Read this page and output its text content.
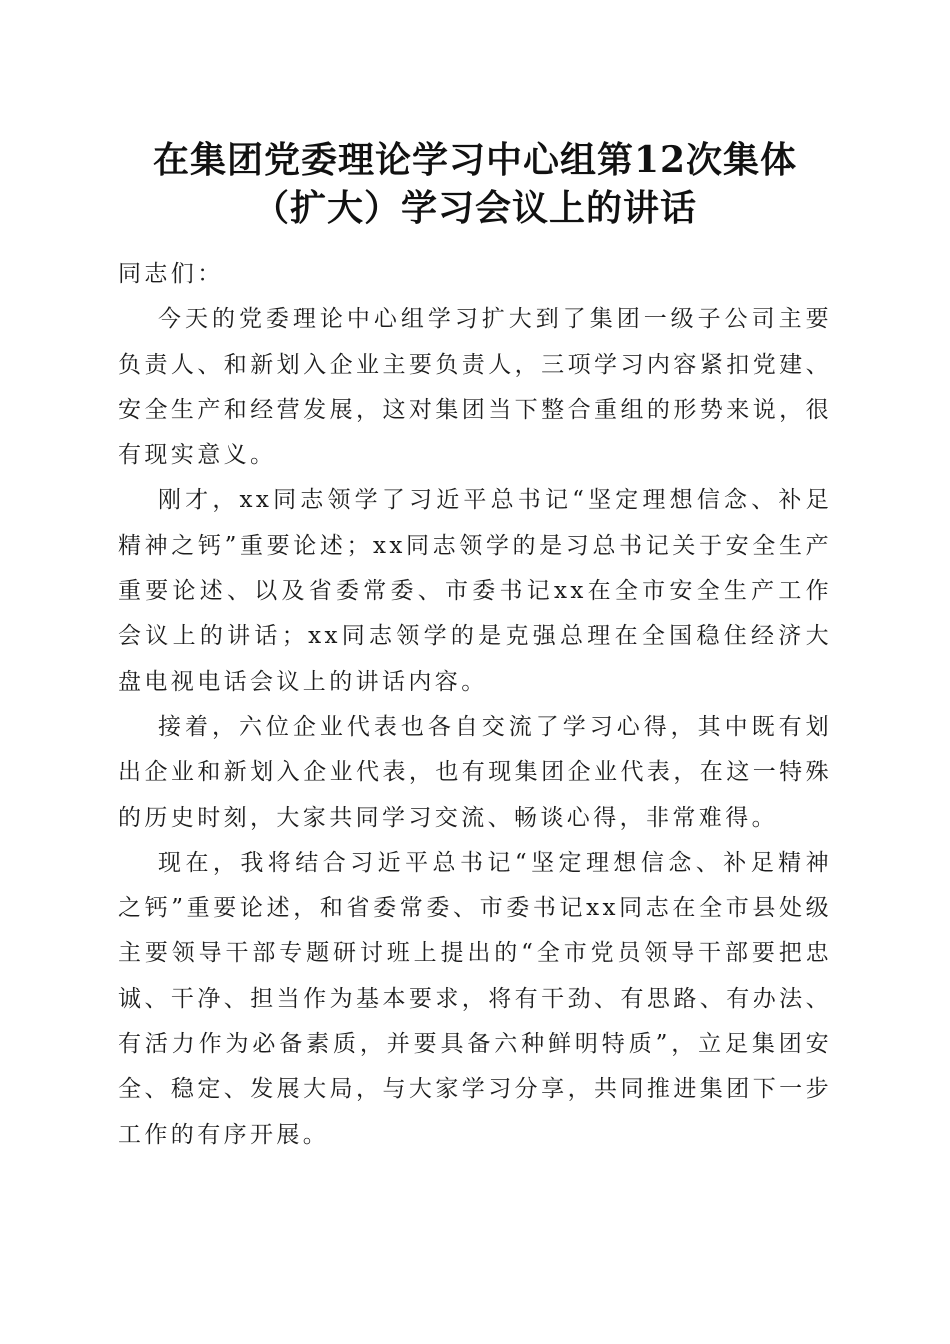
在集团党委理论学习中心组第12次集体（扩大）学习会议上的讲话

同志们：

今天的党委理论中心组学习扩大到了集团一级子公司主要负责人、和新划入企业主要负责人，三项学习内容紧扣党建、安全生产和经营发展，这对集团当下整合重组的形势来说，很有现实意义。

刚才，xx同志领学了习近平总书记“坚定理想信念、补足精神之钙”重要论述；xx同志领学的是习总书记关于安全生产重要论述、以及省委常委、市委书记xx在全市安全生产工作会议上的讲话；xx同志领学的是克强总理在全国稳住经济大盘电视电话会议上的讲话内容。

接着，六位企业代表也各自交流了学习心得，其中既有划出企业和新划入企业代表，也有现集团企业代表，在这一特殊的历史时刻，大家共同学习交流、畅谈心得，非常难得。

现在，我将结合习近平总书记“坚定理想信念、补足精神之钙”重要论述，和省委常委、市委书记xx同志在全市县处级主要领导干部专题研讨班上提出的“全市党员领导干部要把忠诚、干净、担当作为基本要求，将有干劲、有思路、有办法、有活力作为必备素质，并要具备六种鲜明特质”，立足集团安全、稳定、发展大局，与大家学习分享，共同推进集团下一步工作的有序开展。
